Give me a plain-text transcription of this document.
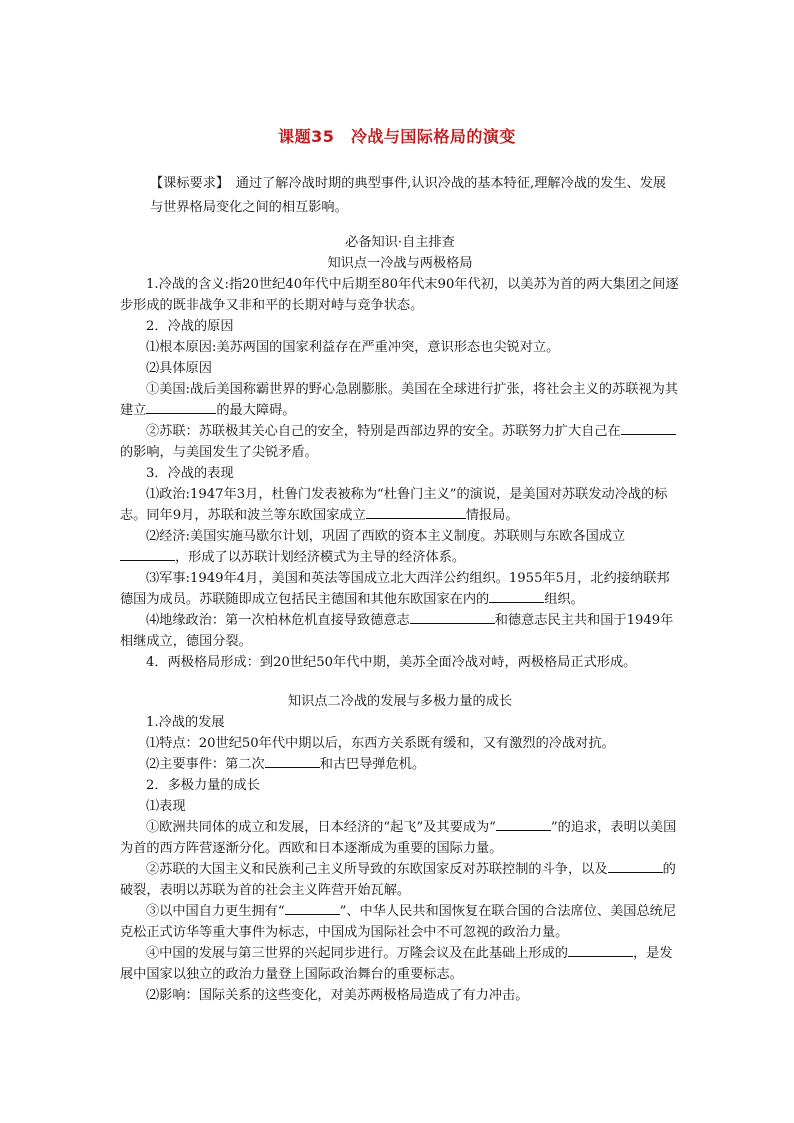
课题35　冷战与国际格局的演变
【课标要求】　通过了解冷战时期的典型事件,认识冷战的基本特征,理解冷战的发生、发展与世界格局变化之间的相互影响。
必备知识·自主排查
知识点一冷战与两极格局

1.冷战的含义:指20世纪40年代中后期至80年代末90年代初，以美苏为首的两大集团之间逐步形成的既非战争又非和平的长期对峙与竞争状态。

2．冷战的原因

⑴根本原因:美苏两国的国家利益存在严重冲突，意识形态也尖锐对立。

⑵具体原因

①美国:战后美国称霸世界的野心急剧膨胀。美国在全球进行扩张，将社会主义的苏联视为其建立	的最大障碍。

②苏联：苏联极其关心自己的安全，特别是西部边界的安全。苏联努力扩大自己在的影响，与美国发生了尖锐矛盾。

3．冷战的表现

⑴政治:1947年3月，杜鲁门发表被称为“杜鲁门主义”的演说，是美国对苏联发动冷战的标志。同年9月，苏联和波兰等东欧国家成立	情报局。

⑵经济:美国实施马歇尔计划，巩固了西欧的资本主义制度。苏联则与东欧各国成立，形成了以苏联计划经济模式为主导的经济体系。

⑶军事:1949年4月，美国和英法等国成立北大西洋公约组织。1955年5月，北约接纳联邦德国为成员。苏联随即成立包括民主德国和其他东欧国家在内的	组织。

⑷地缘政治：第一次柏林危机直接导致德意志	和德意志民主共和国于1949年相继成立，德国分裂。

4．两极格局形成：到20世纪50年代中期，美苏全面冷战对峙，两极格局正式形成。

知识点二冷战的发展与多极力量的成长

1.冷战的发展

⑴特点：20世纪50年代中期以后，东西方关系既有缓和，又有激烈的冷战对抗。

⑵主要事件：第二次	和古巴导弹危机。

2．多极力量的成长

⑴表现

①欧洲共同体的成立和发展，日本经济的“起飞”及其要成为“	”的追求，表明以美国为首的西方阵营逐渐分化。西欧和日本逐渐成为重要的国际力量。

②苏联的大国主义和民族利己主义所导致的东欧国家反对苏联控制的斗争，以及	的破裂，表明以苏联为首的社会主义阵营开始瓦解。

③以中国自力更生拥有“	”、中华人民共和国恢复在联合国的合法席位、美国总统尼克松正式访华等重大事件为标志，中国成为国际社会中不可忽视的政治力量。

④中国的发展与第三世界的兴起同步进行。万隆会议及在此基础上形成的	，是发展中国家以独立的政治力量登上国际政治舞台的重要标志。

⑵影响：国际关系的这些变化，对美苏两极格局造成了有力冲击。
